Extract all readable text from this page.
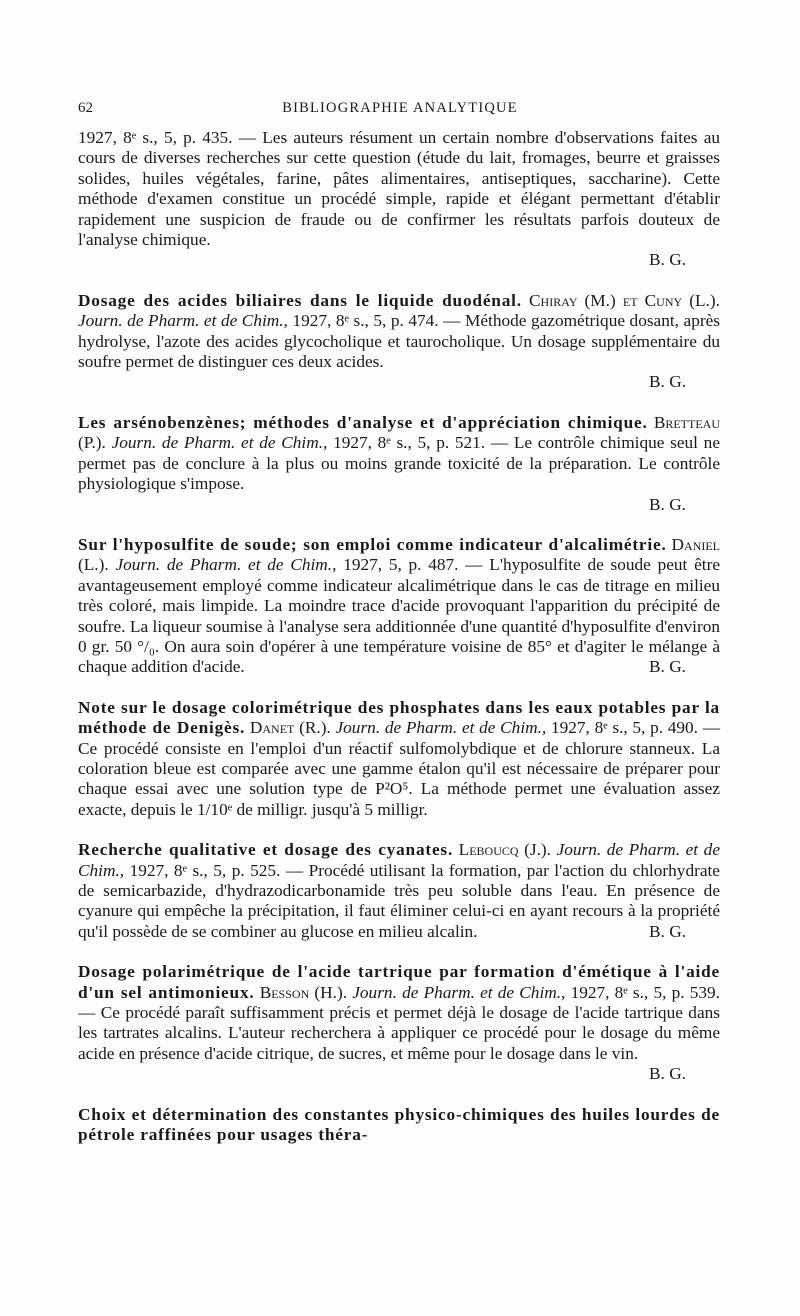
62	BIBLIOGRAPHIE ANALYTIQUE

1927, 8ᵉ s., 5, p. 435. — Les auteurs résument un certain nombre d'observations faites au cours de diverses recherches sur cette question (étude du lait, fromages, beurre et graisses solides, huiles végétales, farine, pâtes alimentaires, antiseptiques, saccharine). Cette méthode d'examen constitue un procédé simple, rapide et élégant permettant d'établir rapidement une suspicion de fraude ou de confirmer les résultats parfois douteux de l'analyse chimique.

B. G.

Dosage des acides biliaires dans le liquide duodénal. Chiray (M.) et Cuny (L.). Journ. de Pharm. et de Chim., 1927, 8ᵉ s., 5, p. 474. — Méthode gazométrique dosant, après hydrolyse, l'azote des acides glycocholique et taurocholique. Un dosage supplémentaire du soufre permet de distinguer ces deux acides.

B. G.

Les arsénobenzènes; méthodes d'analyse et d'appréciation chimique. Bretteau (P.). Journ. de Pharm. et de Chim., 1927, 8ᵉ s., 5, p. 521. — Le contrôle chimique seul ne permet pas de conclure à la plus ou moins grande toxicité de la préparation. Le contrôle physiologique s'impose.

B. G.

Sur l'hyposulfite de soude; son emploi comme indicateur d'alcalimétrie. Daniel (L.). Journ. de Pharm. et de Chim., 1927, 5, p. 487. — L'hyposulfite de soude peut être avantageusement employé comme indicateur alcalimétrique dans le cas de titrage en milieu très coloré, mais limpide. La moindre trace d'acide provoquant l'apparition du précipité de soufre. La liqueur soumise à l'analyse sera additionnée d'une quantité d'hyposulfite d'environ 0 gr. 50 °/₀. On aura soin d'opérer à une température voisine de 85° et d'agiter le mélange à chaque addition d'acide.	B. G.

Note sur le dosage colorimétrique des phosphates dans les eaux potables par la méthode de Denigès. Danet (R.). Journ. de Pharm. et de Chim., 1927, 8ᵉ s., 5, p. 490. — Ce procédé consiste en l'emploi d'un réactif sulfomolybdique et de chlorure stanneux. La coloration bleue est comparée avec une gamme étalon qu'il est nécessaire de préparer pour chaque essai avec une solution type de P²O⁵. La méthode permet une évaluation assez exacte, depuis le 1/10ᵉ de milligr. jusqu'à 5 milligr.

Recherche qualitative et dosage des cyanates. Leboucq (J.). Journ. de Pharm. et de Chim., 1927, 8ᵉ s., 5, p. 525. — Procédé utilisant la formation, par l'action du chlorhydrate de semicarbazide, d'hydrazodicarbonamide très peu soluble dans l'eau. En présence de cyanure qui empêche la précipitation, il faut éliminer celui-ci en ayant recours à la propriété qu'il possède de se combiner au glucose en milieu alcalin.	B. G.

Dosage polarimétrique de l'acide tartrique par formation d'émétique à l'aide d'un sel antimonieux. Besson (H.). Journ. de Pharm. et de Chim., 1927, 8ᵉ s., 5, p. 539. — Ce procédé paraît suffisamment précis et permet déjà le dosage de l'acide tartrique dans les tartrates alcalins. L'auteur recherchera à appliquer ce procédé pour le dosage du même acide en présence d'acide citrique, de sucres, et même pour le dosage dans le vin.

B. G.

Choix et détermination des constantes physico-chimiques des huiles lourdes de pétrole raffinées pour usages théra-
